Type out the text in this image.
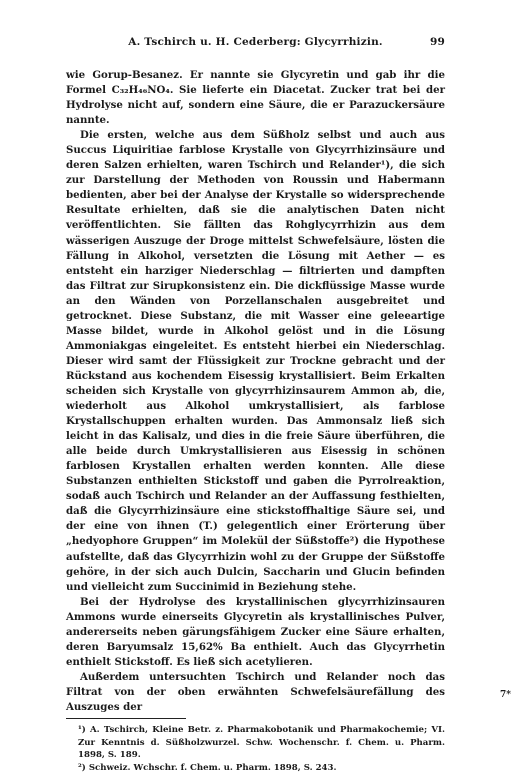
A. Tschirch u. H. Cederberg: Glycyrrhizin.	99

wie Gorup-Besanez. Er nannte sie Glycyretin und gab ihr die Formel C₃₂H₄₆NO₄. Sie lieferte ein Diacetat. Zucker trat bei der Hydrolyse nicht auf, sondern eine Säure, die er Parazuckersäure nannte.

Die ersten, welche aus dem Süßholz selbst und auch aus Succus Liquiritiae farblose Krystalle von Glycyrrhizinsäure und deren Salzen erhielten, waren Tschirch und Relander¹), die sich zur Darstellung der Methoden von Roussin und Habermann bedienten, aber bei der Analyse der Krystalle so widersprechende Resultate erhielten, daß sie die analytischen Daten nicht veröffentlichten. Sie fällten das Rohglycyrrhizin aus dem wässerigen Auszuge der Droge mittelst Schwefelsäure, lösten die Fällung in Alkohol, versetzten die Lösung mit Aether — es entsteht ein harziger Niederschlag — filtrierten und dampften das Filtrat zur Sirupkonsistenz ein. Die dickflüssige Masse wurde an den Wänden von Porzellanschalen ausgebreitet und getrocknet. Diese Substanz, die mit Wasser eine geleeartige Masse bildet, wurde in Alkohol gelöst und in die Lösung Ammoniakgas eingeleitet. Es entsteht hierbei ein Niederschlag. Dieser wird samt der Flüssigkeit zur Trockne gebracht und der Rückstand aus kochendem Eisessig krystallisiert. Beim Erkalten scheiden sich Krystalle von glycyrrhizinsaurem Ammon ab, die, wiederholt aus Alkohol umkrystallisiert, als farblose Krystallschuppen erhalten wurden. Das Ammonsalz ließ sich leicht in das Kalisalz, und dies in die freie Säure überführen, die alle beide durch Umkrystallisieren aus Eisessig in schönen farblosen Krystallen erhalten werden konnten. Alle diese Substanzen enthielten Stickstoff und gaben die Pyrrolreaktion, sodaß auch Tschirch und Relander an der Auffassung festhielten, daß die Glycyrrhizinsäure eine stickstoffhaltige Säure sei, und der eine von ihnen (T.) gelegentlich einer Erörterung über „hedyophore Gruppen“ im Molekül der Süßstoffe²) die Hypothese aufstellte, daß das Glycyrrhizin wohl zu der Gruppe der Süßstoffe gehöre, in der sich auch Dulcin, Saccharin und Glucin befinden und vielleicht zum Succinimid in Beziehung stehe.

Bei der Hydrolyse des krystallinischen glycyrrhizinsauren Ammons wurde einerseits Glycyretin als krystallinisches Pulver, andererseits neben gärungsfähigem Zucker eine Säure erhalten, deren Baryumsalz 15,62% Ba enthielt. Auch das Glycyrrhetin enthielt Stickstoff. Es ließ sich acetylieren.

Außerdem untersuchten Tschirch und Relander noch das Filtrat von der oben erwähnten Schwefelsäurefällung des Auszuges der

¹) A. Tschirch, Kleine Betr. z. Pharmakobotanik und Pharmakochemie; VI. Zur Kenntnis d. Süßholzwurzel. Schw. Wochenschr. f. Chem. u. Pharm. 1898, S. 189.

²) Schweiz. Wchschr. f. Chem. u. Pharm. 1898, S. 243.

7*
